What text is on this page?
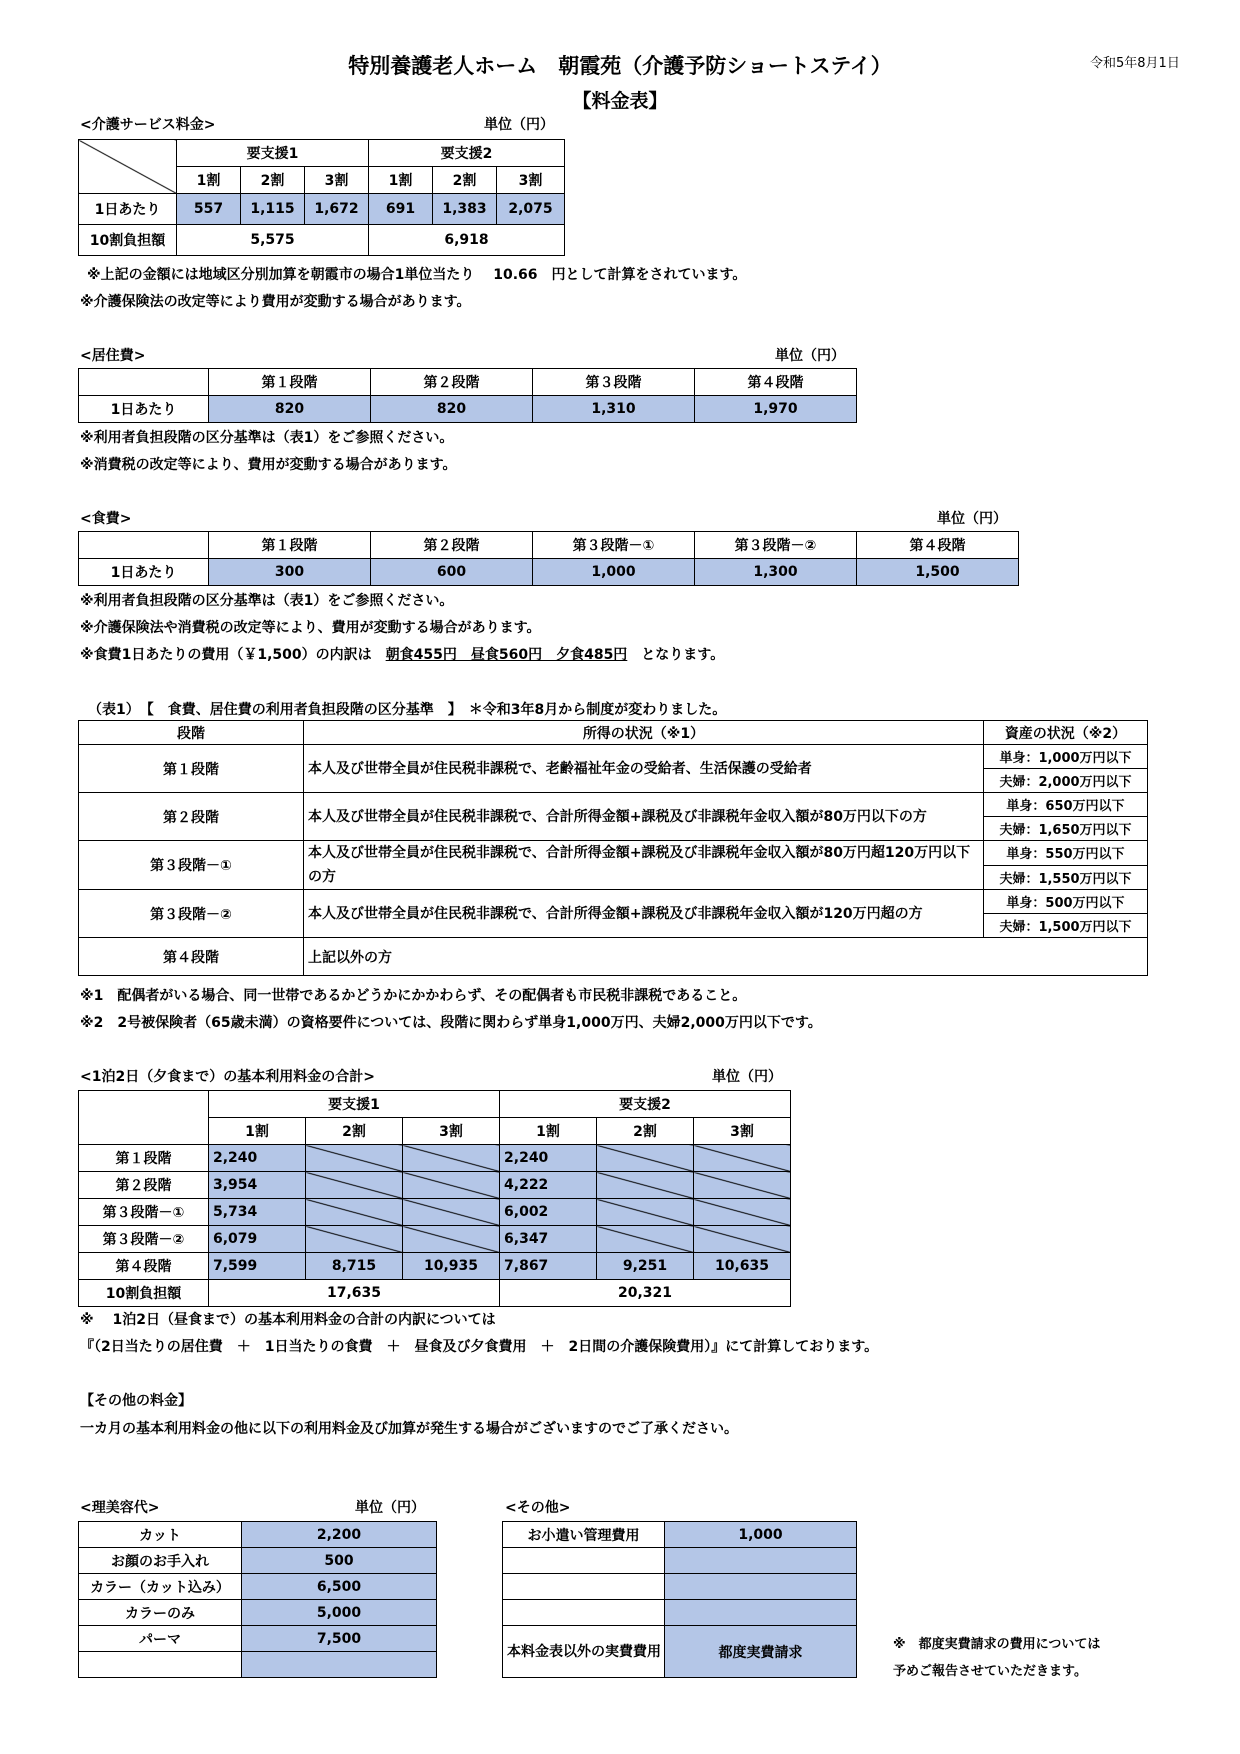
特別養護老人ホーム　朝霞苑（介護予防ショートステイ）
【料金表】
令和5年8月1日
<介護サービス料金>	単位（円）
	要支援1			要支援2		
	1割	2割	3割	1割	2割	3割
1日あたり	557	1,115	1,672	691	1,383	2,075
10割負担額	5,575			6,918		
※上記の金額には地域区分別加算を朝霞市の場合1単位当たり　 10.66　円として計算をされています。
※介護保険法の改定等により費用が変動する場合があります。
<居住費>	単位（円）
	第１段階	第２段階	第３段階	第４段階
1日あたり	820	820	1,310	1,970
※利用者負担段階の区分基準は（表1）をご参照ください。
※消費税の改定等により、費用が変動する場合があります。
<食費>	単位（円）
	第１段階	第２段階	第３段階－①	第３段階－②	第４段階
1日あたり	300	600	1,000	1,300	1,500
※利用者負担段階の区分基準は（表1）をご参照ください。
※介護保険法や消費税の改定等により、費用が変動する場合があります。
※食費1日あたりの費用（￥1,500）の内訳は　朝食455円　昼食560円　夕食485円　となります。
（表1）　【　食費、居住費の利用者負担段階の区分基準　】　＊令和3年8月から制度が変わりました。
段階	所得の状況（※1）	資産の状況（※2）
第１段階	本人及び世帯全員が住民税非課税で、老齢福祉年金の受給者、生活保護の受給者	単身：1,000万円以下
		夫婦：2,000万円以下
第２段階	本人及び世帯全員が住民税非課税で、合計所得金額+課税及び非課税年金収入額が80万円以下の方	単身：650万円以下
		夫婦：1,650万円以下
第３段階－①	本人及び世帯全員が住民税非課税で、合計所得金額+課税及び非課税年金収入額が80万円超120万円以下の方	単身：550万円以下
		夫婦：1,550万円以下
第３段階－②	本人及び世帯全員が住民税非課税で、合計所得金額+課税及び非課税年金収入額が120万円超の方	単身：500万円以下
		夫婦：1,500万円以下
第４段階	上記以外の方	
※1　配偶者がいる場合、同一世帯であるかどうかにかかわらず、その配偶者も市民税非課税であること。
※2　2号被保険者（65歳未満）の資格要件については、段階に関わらず単身1,000万円、夫婦2,000万円以下です。
<1泊2日（夕食まで）の基本利用料金の合計>	単位（円）
	要支援1			要支援2		
	1割	2割	3割	1割	2割	3割
第１段階	2,240			2,240		
第２段階	3,954			4,222		
第３段階－①	5,734			6,002		
第３段階－②	6,079			6,347		
第４段階	7,599	8,715	10,935	7,867	9,251	10,635
10割負担額	17,635			20,321		
※　 1泊2日（昼食まで）の基本利用料金の合計の内訳については
『（2日当たりの居住費　＋　1日当たりの食費　＋　昼食及び夕食費用　＋　2日間の介護保険費用）』にて計算しております。
【その他の料金】
一カ月の基本利用料金の他に以下の利用料金及び加算が発生する場合がございますのでご了承ください。
<理美容代>	単位（円）
カット	2,200
お顔のお手入れ	500
カラー（カット込み）	6,500
カラーのみ	5,000
パーマ	7,500

<その他>
お小遣い管理費用	1,000

本料金表以外の実費費用	都度実費請求	※　都度実費請求の費用については
予めご報告させていただきます。
